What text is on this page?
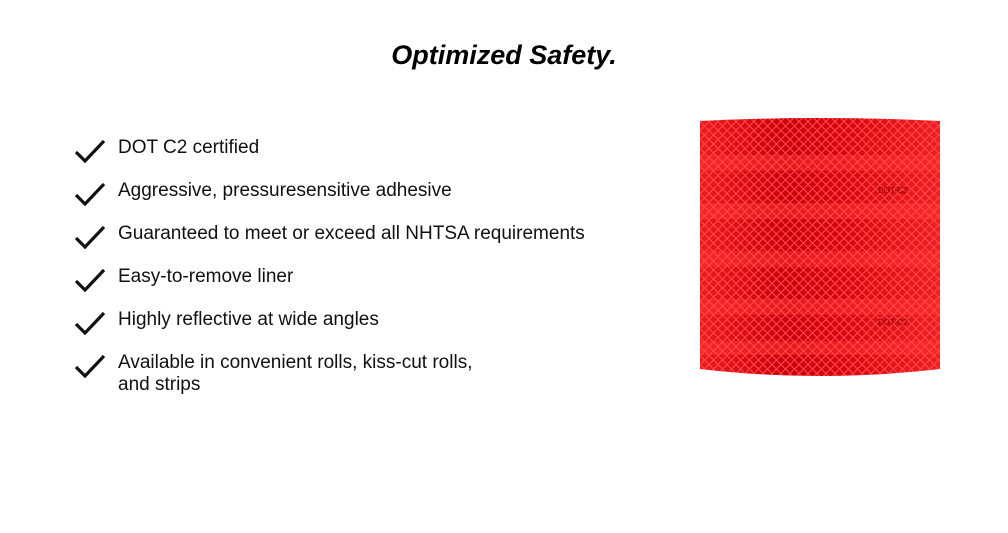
Optimized Safety.
DOT C2 certified
Aggressive, pressuresensitive adhesive
Guaranteed to meet or exceed all NHTSA requirements
Easy-to-remove liner
Highly reflective at wide angles
Available in convenient rolls, kiss-cut rolls,
and strips
DOT-C2
DOT-C2
